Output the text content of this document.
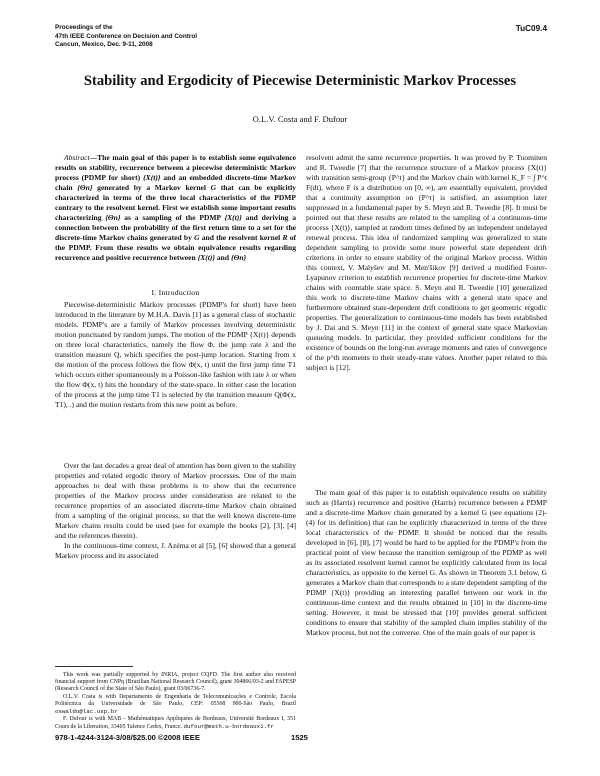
Proceedings of the
47th IEEE Conference on Decision and Control
Cancun, Mexico, Dec. 9-11, 2008
TuC09.4
Stability and Ergodicity of Piecewise Deterministic Markov Processes
O.L.V. Costa and F. Dufour

Abstract—The main goal of this paper is to establish some equivalence results on stability, recurrence between a piecewise deterministic Markov process (PDMP for short) {X(t)} and an embedded discrete-time Markov chain {Θn} generated by a Markov kernel G that can be explicitly characterized in terms of the three local characteristics of the PDMP contrary to the resolvent kernel. First we establish some important results characterizing {Θn} as a sampling of the PDMP {X(t)} and deriving a connection between the probability of the first return time to a set for the discrete-time Markov chains generated by G and the resolvent kernel R of the PDMP. From these results we obtain equivalence results regarding recurrence and positive recurrence between {X(t)} and {Θn}

I. Introduction

Piecewise-deterministic Markov processes (PDMP's for short) have been introduced in the literature by M.H.A. Davis [1] as a general class of stochastic models. PDMP's are a family of Markov processes involving deterministic motion punctuated by random jumps. The motion of the PDMP {X(t)} depends on three local characteristics, namely the flow Φ, the jump rate λ and the transition measure Q, which specifies the post-jump location. Starting from x the motion of the process follows the flow Φ(x, t) until the first jump time T1 which occurs either spontaneously in a Poisson-like fashion with rate λ or when the flow Φ(x, t) hits the boundary of the state-space. In either case the location of the process at the jump time T1 is selected by the transition measure Q(Φ(x, T1), .) and the motion restarts from this new point as before.

Over the last decades a great deal of attention has been given to the stability properties and related ergodic theory of Markov processes. One of the main approaches to deal with these problems is to show that the recurrence properties of the Markov process under consideration are related to the recurrence properties of an associated discrete-time Markov chain obtained from a sampling of the original process, so that the well known discrete-time Markov chains results could be used (see for example the books [2], [3], [4] and the references therein).

In the continuous-time context, J. Azéma et al [5], [6] showed that a general Markov process and its associated

This work was partially supported by INRIA, project CQFD. The first author also received financial support from CNPq (Brazilian National Research Council), grant 304866/03-2 and FAPESP (Research Council of the State of São Paulo), grant 03/06736-7.

O.L.V. Costa is with Departamento de Engenharia de Telecomunicações e Controle, Escola Politécnica da Universidade de São Paulo, CEP: 05508 900-São Paulo, Brazil oswaldo@lac.usp.br

F. Dufour is with MAB - Mathématiques Appliquées de Bordeaux, Université Bordeaux I, 351 Cours de la Liberation, 33405 Talence Cedex, France. dufour@math.u-bordeaux1.fr

resolvent admit the same recurrence properties. It was proved by P. Tuominen and R. Tweedie [7] that the recurrence structure of a Markov process {X(t)} with transition semi-group {P^t} and the Markov chain with kernel K_F = ∫ P^t F(dt), where F is a distribution on [0, ∞), are essentially equivalent, provided that a continuity assumption on {P^t} is satisfied, an assumption later suppressed in a fundamental paper by S. Meyn and R. Tweedie [8]. It must be pointed out that these results are related to the sampling of a continuous-time process {X(t)}, sampled at random times defined by an independent undelayed renewal process. This idea of randomized sampling was generalized to state dependent sampling to provide some more powerful state dependent drift criterions in order to ensure stability of the original Markov process. Within this context, V. Malyšev and M. Men'šikov [9] derived a modified Foster-Lyapunov criterion to establish recurrence properties for discrete-time Markov chains with countable state space. S. Meyn and R. Tweedie [10] generalized this work to discrete-time Markov chains with a general state space and furthermore obtained state-dependent drift conditions to get geometric ergodic properties. The generalization to continuous-time models has been established by J. Dai and S. Meyn [11] in the context of general state space Markovian queueing models. In particular, they provided sufficient conditions for the existence of bounds on the long-run average moments and rates of convergence of the p^th moments to their steady-state values. Another paper related to this subject is [12].

The main goal of this paper is to establish equivalence results on stability such as (Harris) recurrence and positive (Harris) recurrence between a PDMP and a discrete-time Markov chain generated by a kernel G (see equations (2)-(4) for its definition) that can be explicitly characterized in terms of the three local characteristics of the PDMP. It should be noticed that the results developed in [6], [8], [7] would be hard to be applied for the PDMP's from the practical point of view because the transition semigroup of the PDMP as well as its associated resolvent kernel cannot be explicitly calculated from its local characteristics, as opposite to the kernel G. As shown in Theorem 3.1 below, G generates a Markov chain that corresponds to a state dependent sampling of the PDMP {X(t)} providing an interesting parallel between our work in the continuous-time context and the results obtained in [10] in the discrete-time setting. However, it must be stressed that [10] provides general sufficient conditions to ensure that stability of the sampled chain implies stability of the Markov process, but not the converse. One of the main goals of our paper is

978-1-4244-3124-3/08/$25.00 ©2008 IEEE	1525
